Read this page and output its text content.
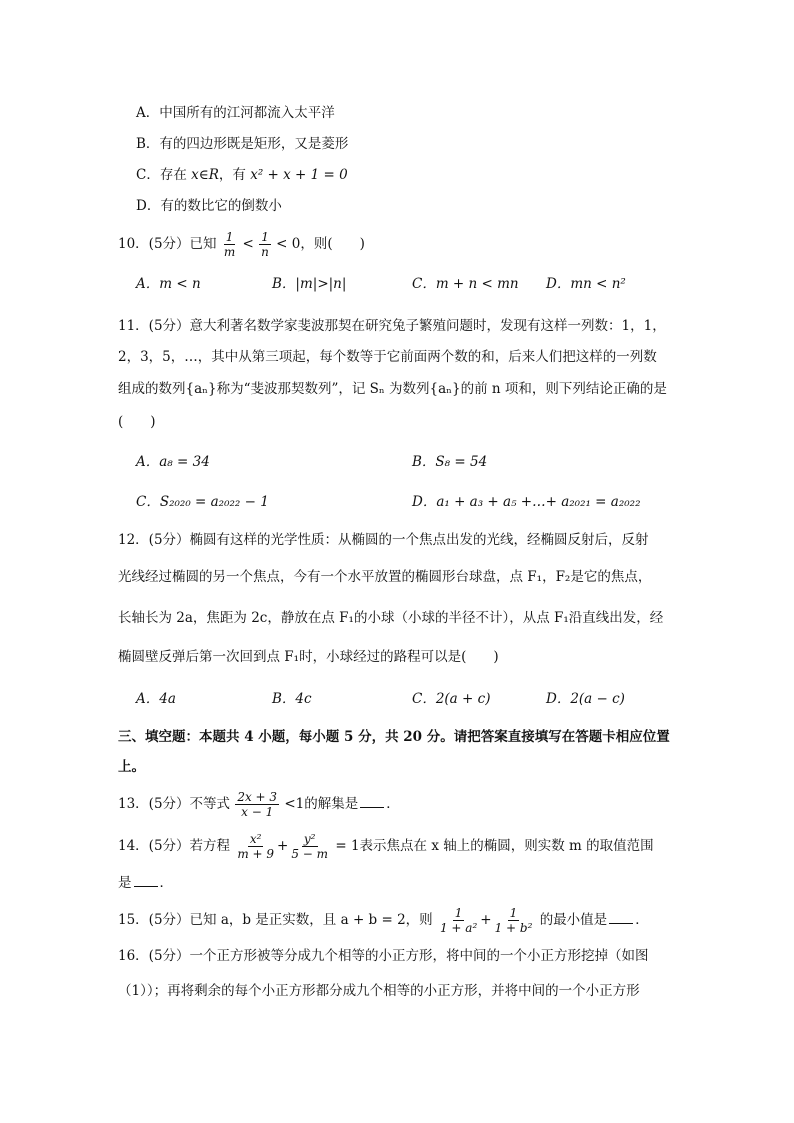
A．中国所有的江河都流入太平洋
B．有的四边形既是矩形，又是菱形
C．存在 x∈R，有 x² + x + 1 = 0
D．有的数比它的倒数小
10．(5分）已知 $\frac{1}{m} < \frac{1}{n} < 0$，则(　　)
A．m < n	B．|m|>|n|	C．m + n < mn D．mn < n²
11．(5分）意大利著名数学家斐波那契在研究兔子繁殖问题时，发现有这样一列数：1，1，
2，3，5，…，其中从第三项起，每个数等于它前面两个数的和，后来人们把这样的一列数
组成的数列{aₙ}称为“斐波那契数列”，记 Sₙ 为数列{aₙ}的前 n 项和，则下列结论正确的是
(　　)
A．a₈ = 34	B．S₈ = 54
C．S₂₀₂₀ = a₂₀₂₂ − 1	D．a₁ + a₃ + a₅ +…+ a₂₀₂₁ = a₂₀₂₂
12．(5分）椭圆有这样的光学性质：从椭圆的一个焦点出发的光线，经椭圆反射后，反射
光线经过椭圆的另一个焦点，今有一个水平放置的椭圆形台球盘，点 F₁，F₂是它的焦点，
长轴长为 2a，焦距为 2c，静放在点 F₁的小球（小球的半径不计），从点 F₁沿直线出发，经
椭圆壁反弹后第一次回到点 F₁时，小球经过的路程可以是(　　)
A．4a	B．4c	C．2(a + c)	D．2(a − c)
三、填空题：本题共 4 小题，每小题 5 分，共 20 分。请把答案直接填写在答题卡相应位置
上。
13．(5分）不等式 $\frac{2x + 3}{x - 1} <1$的解集是 ．
14．(5分）若方程 $\frac{\text{x²}}{m + 9} + \frac{\text{y²}}{5 - m} = 1$表示焦点在 x 轴上的椭圆，则实数 m 的取值范围
是 ．
15．(5分）已知 a，b 是正实数，且 a + b = 2，则 $\frac{1}{\text{1 + a²}} + \frac{1}{\text{1 + b²}}$ 的最小值是 ．
16．(5分）一个正方形被等分成九个相等的小正方形，将中间的一个小正方形挖掉（如图
（1））；再将剩余的每个小正方形都分成九个相等的小正方形，并将中间的一个小正方形
